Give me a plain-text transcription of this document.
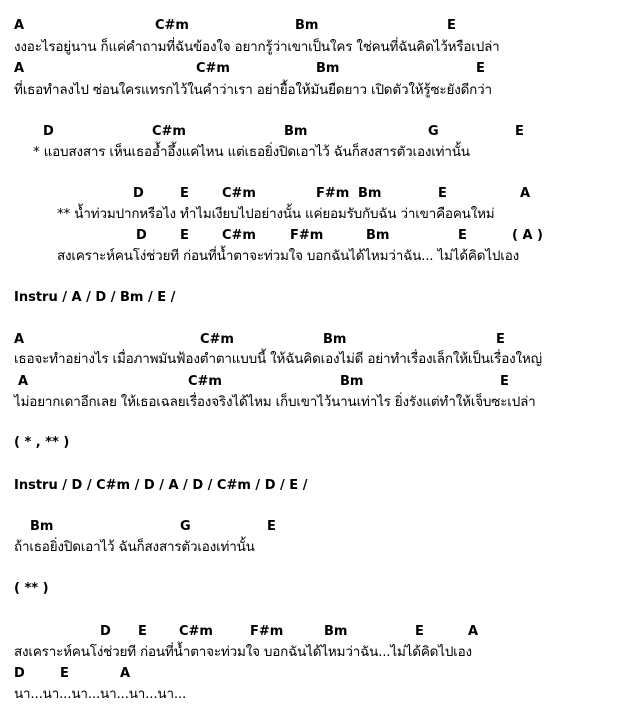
A	C#m	Bm	E
งงอะไรอยู่นาน ก็แค่คำถามที่ฉันข้องใจ อยากรู้ว่าเขาเป็นใคร ใช่คนที่ฉันคิดไว้หรือเปล่า
A	C#m	Bm	E
ที่เธอทำลงไป ซ่อนใครแทรกไว้ในคำว่าเรา อย่ายื้อให้มันยืดยาว เปิดตัวให้รู้ซะยังดีกว่า
D	C#m	Bm	G	E
* แอบสงสาร เห็นเธออ้ำอึ้งแค่ไหน แต่เธอยิ่งปิดเอาไว้ ฉันก็สงสารตัวเองเท่านั้น
D	E	C#m	F#m Bm	E	A
** น้ำท่วมปากหรือไง ทำไมเงียบไปอย่างนั้น แค่ยอมรับกับฉัน ว่าเขาคือคนใหม่
D	E	C#m	F#m	Bm	E	( A )
สงเคราะห์คนโง่ช่วยที ก่อนที่น้ำตาจะท่วมใจ บอกฉันได้ไหมว่าฉัน... ไม่ได้คิดไปเอง
Instru / A / D / Bm / E /
A	C#m	Bm	E
เธอจะทำอย่างไร เมื่อภาพมันฟ้องตำตาแบบนี้ ให้ฉันคิดเองไม่ดี อย่าทำเรื่องเล็กให้เป็นเรื่องใหญ่
A	C#m	Bm	E
ไม่อยากเดาอีกเลย ให้เธอเฉลยเรื่องจริงได้ไหม เก็บเขาไว้นานเท่าไร ยิ่งรังแต่ทำให้เจ็บซะเปล่า
( * , ** )
Instru / D / C#m / D / A / D / C#m / D / E /
Bm	G	E
ถ้าเธอยิ่งปิดเอาไว้ ฉันก็สงสารตัวเองเท่านั้น
( ** )
D E C#m	F#m	Bm	E	A
สงเคราะห์คนโง่ช่วยที ก่อนที่น้ำตาจะท่วมใจ บอกฉันได้ไหมว่าฉัน...ไม่ได้คิดไปเอง
D	E	A
นา...นา...นา...นา...นา...นา...
